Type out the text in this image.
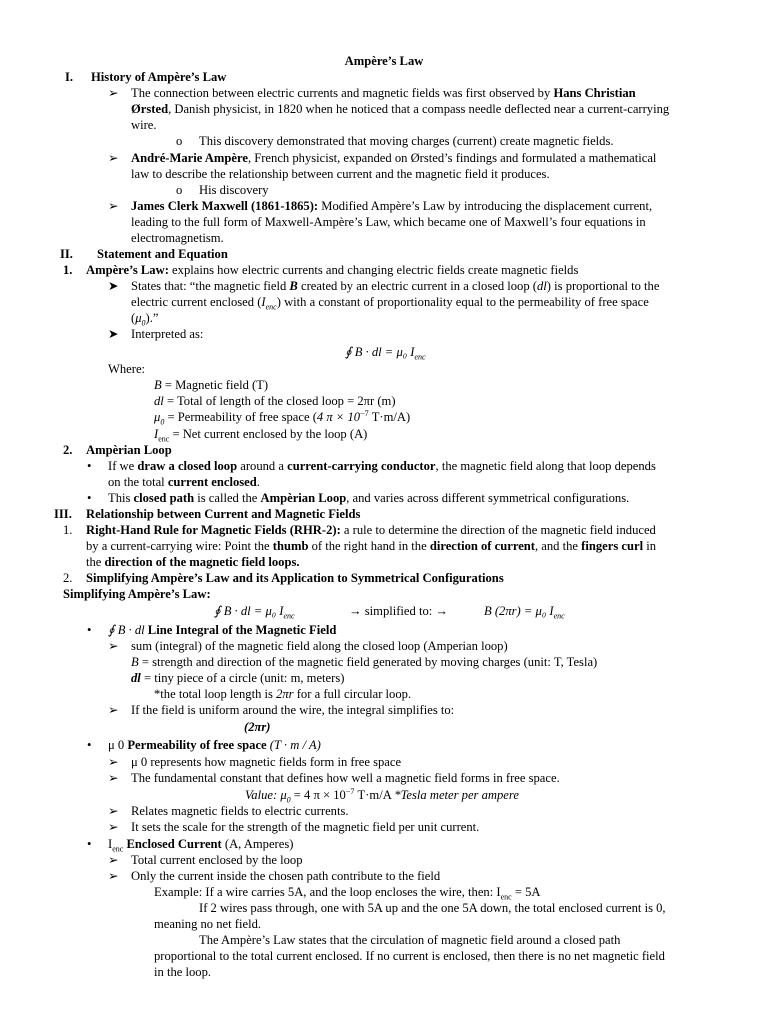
Ampère’s Law
I. History of Ampère’s Law
➢ The connection between electric currents and magnetic fields was first observed by Hans Christian
Ørsted, Danish physicist, in 1820 when he noticed that a compass needle deflected near a current-carrying
wire.
o This discovery demonstrated that moving charges (current) create magnetic fields.
➢ André-Marie Ampère, French physicist, expanded on Ørsted’s findings and formulated a mathematical
law to describe the relationship between current and the magnetic field it produces.
o His discovery
➢ James Clerk Maxwell (1861-1865): Modified Ampère’s Law by introducing the displacement current,
leading to the full form of Maxwell-Ampère’s Law, which became one of Maxwell’s four equations in
electromagnetism.
II. Statement and Equation
1. Ampère’s Law: explains how electric currents and changing electric fields create magnetic fields
➤ States that: “the magnetic field B created by an electric current in a closed loop (dl) is proportional to the
electric current enclosed $(I_{enc})$ with a constant of proportionality equal to the permeability of free space
$(\mu_0)$.”
➤ Interpreted as:
∮ B · dl = μ₀ $I_{enc}$
Where:
B = Magnetic field (T)
dl = Total of length of the closed loop = 2πr (m)
$\mu_0$ = Permeability of free space (4 $\pi \times 10^{-7}$ T·m/A)
$I_{enc}$ = Net current enclosed by the loop (A)
2. Ampèrian Loop
• If we draw a closed loop around a current-carrying conductor, the magnetic field along that loop depends
on the total current enclosed.
• This closed path is called the Ampèrian Loop, and varies across different symmetrical configurations.
III. Relationship between Current and Magnetic Fields
1. Right-Hand Rule for Magnetic Fields (RHR-2): a rule to determine the direction of the magnetic field induced
by a current-carrying wire: Point the thumb of the right hand in the direction of current, and the fingers curl in
the direction of the magnetic field loops.
2. Simplifying Ampère’s Law and its Application to Symmetrical Configurations
Simplifying Ampère’s Law:
∮ B · dl = μ₀ $I_{enc}$	→ simplified to: →	B (2πr) = μ₀ $I_{enc}$
• ∮ B · dl Line Integral of the Magnetic Field
➢ sum (integral) of the magnetic field along the closed loop (Amperian loop)
B = strength and direction of the magnetic field generated by moving charges (unit: T, Tesla)
dl = tiny piece of a circle (unit: m, meters)
*the total loop length is 2πr for a full circular loop.
➢ If the field is uniform around the wire, the integral simplifies to:
(2πr)
• μ 0 Permeability of free space (T · m / A)
➢ μ 0 represents how magnetic fields form in free space
➢ The fundamental constant that defines how well a magnetic field forms in free space.
Value: $\mu_0 = 4$ $\pi \times 10^{-7}$ T·m/A *Tesla meter per ampere
➢ Relates magnetic fields to electric currents.
➢ It sets the scale for the strength of the magnetic field per unit current.
• $I_{enc}$ Enclosed Current (A, Amperes)
➢ Total current enclosed by the loop
➢ Only the current inside the chosen path contribute to the field
Example: If a wire carries 5A, and the loop encloses the wire, then: $I_{enc} = 5A$
If 2 wires pass through, one with 5A up and the one 5A down, the total enclosed current is 0,
meaning no net field.
The Ampère’s Law states that the circulation of magnetic field around a closed path
proportional to the total current enclosed. If no current is enclosed, then there is no net magnetic field
in the loop.
